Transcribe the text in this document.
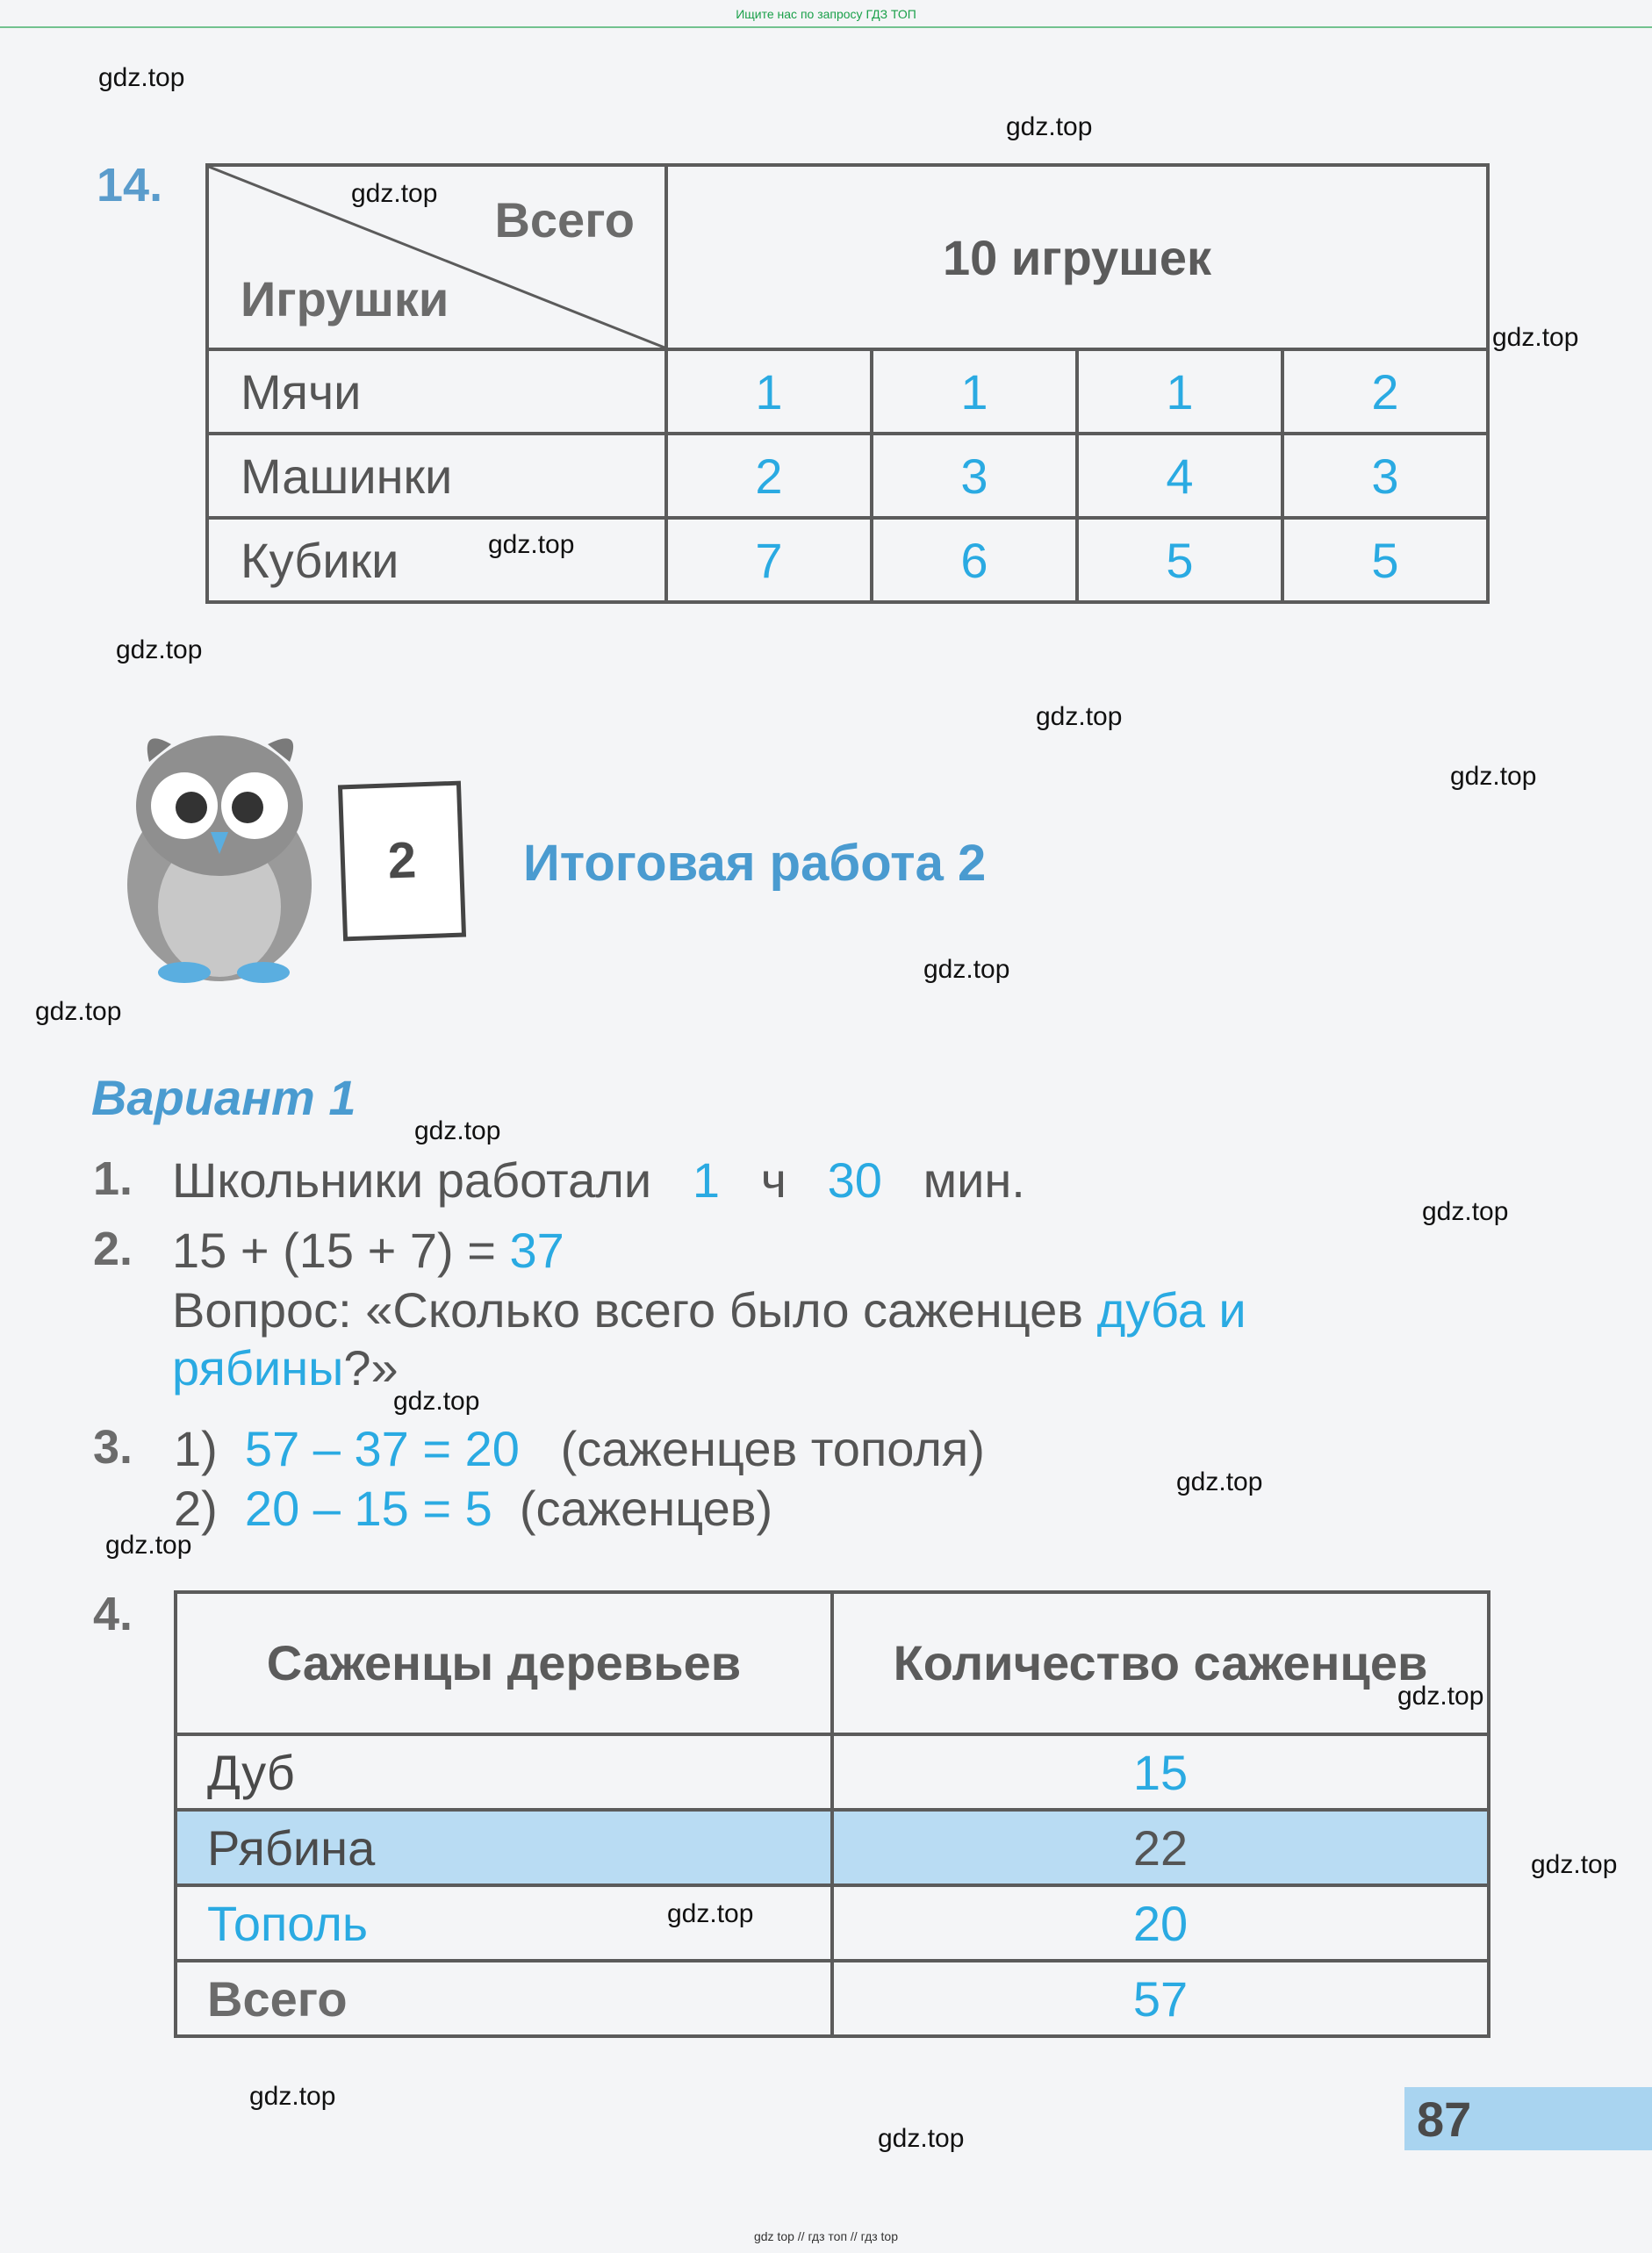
Ищите нас по запросу ГДЗ ТОП
gdz.top
gdz.top
gdz.top
gdz.top
gdz.top
gdz.top
gdz.top
gdz.top
gdz.top
gdz.top
gdz.top
gdz.top
gdz.top
gdz.top
gdz.top
gdz.top
gdz.top
gdz.top
gdz.top
gdz.top
14.
Всего
Игрушки	10 игрушек			
Мячи	1	1	1	2
Машинки	2	3	4	3
Кубики	7	6	5	5
2	Итоговая работа 2
Вариант 1
1. Школьники работали 1 ч 30 мин.
2. 15 + (15 + 7) = 37
Вопрос: «Сколько всего было саженцев дуба и
рябины?»
3. 1) 57 – 37 = 20 (саженцев тополя)
2) 20 – 15 = 5 (саженцев)
4.
Саженцы деревьев	Количество саженцев
Дуб	15
Рябина	22
Тополь	20
Всего	57
87
gdz top // гдз топ // гдз top
